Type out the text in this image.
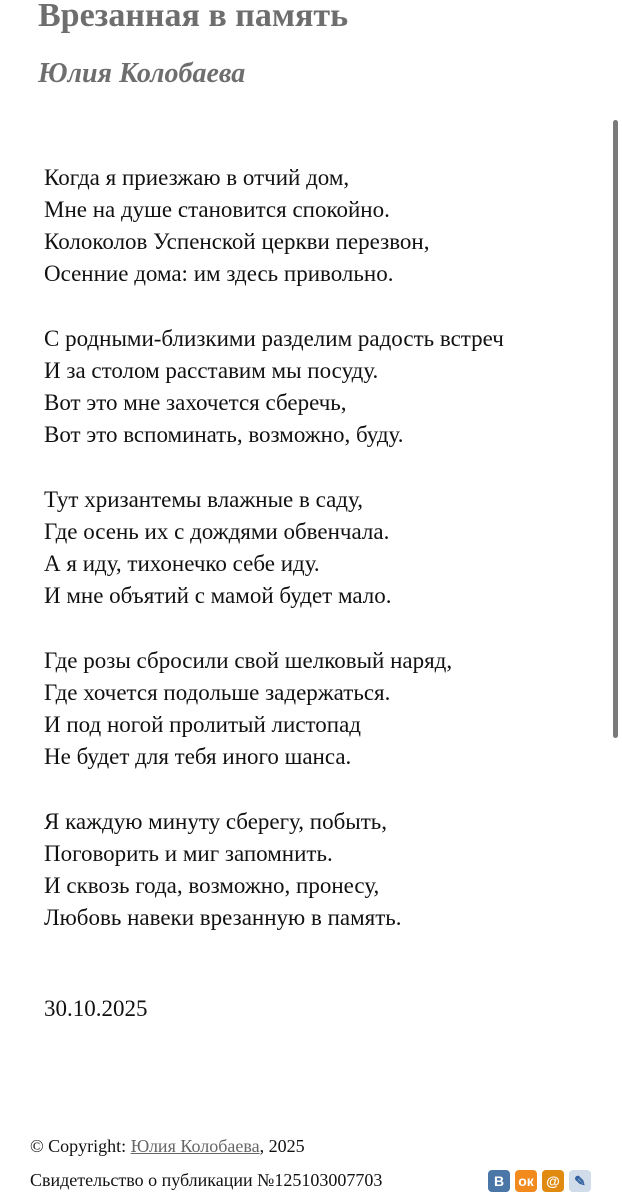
Врезанная в память
Юлия Колобаева
Когда я приезжаю в отчий дом,
Мне на душе становится спокойно.
Колоколов Успенской церкви перезвон,
Осенние дома: им здесь привольно.
С родными-близкими разделим радость встреч
И за столом расставим мы посуду.
Вот это мне захочется сберечь,
Вот это вспоминать, возможно, буду.
Тут хризантемы влажные в саду,
Где осень их с дождями обвенчала.
А я иду, тихонечко себе иду.
И мне объятий с мамой будет мало.
Где розы сбросили свой шелковый наряд,
Где хочется подольше задержаться.
И под ногой пролитый листопад
Не будет для тебя иного шанса.
Я каждую минуту сберегу, побыть,
Поговорить и миг запомнить.
И сквозь года, возможно, пронесу,
Любовь навеки врезанную в память.
30.10.2025
© Copyright: Юлия Колобаева, 2025
Свидетельство о публикации №125103007703	В	ок @	✎
